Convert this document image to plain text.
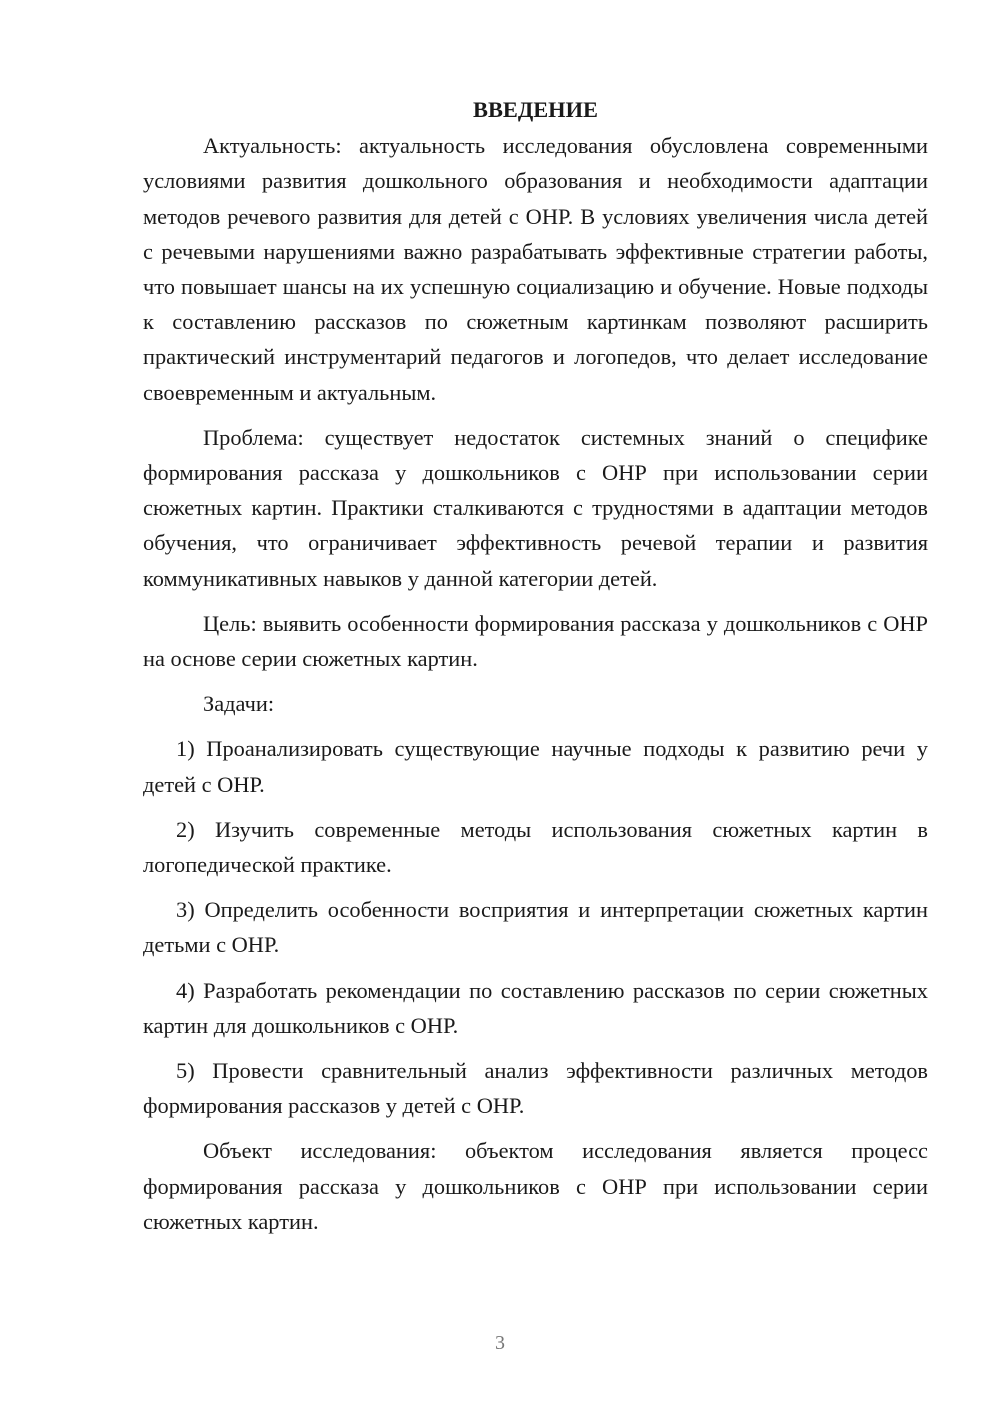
ВВЕДЕНИЕ

Актуальность: актуальность исследования обусловлена современными условиями развития дошкольного образования и необходимости адаптации методов речевого развития для детей с ОНР. В условиях увеличения числа детей с речевыми нарушениями важно разрабатывать эффективные стратегии работы, что повышает шансы на их успешную социализацию и обучение. Новые подходы к составлению рассказов по сюжетным картинкам позволяют расширить практический инструментарий педагогов и логопедов, что делает исследование своевременным и актуальным.

Проблема: существует недостаток системных знаний о специфике формирования рассказа у дошкольников с ОНР при использовании серии сюжетных картин. Практики сталкиваются с трудностями в адаптации методов обучения, что ограничивает эффективность речевой терапии и развития коммуникативных навыков у данной категории детей.

Цель: выявить особенности формирования рассказа у дошкольников с ОНР на основе серии сюжетных картин.

Задачи:

1) Проанализировать существующие научные подходы к развитию речи у детей с ОНР.

2) Изучить современные методы использования сюжетных картин в логопедической практике.

3) Определить особенности восприятия и интерпретации сюжетных картин детьми с ОНР.

4) Разработать рекомендации по составлению рассказов по серии сюжетных картин для дошкольников с ОНР.

5) Провести сравнительный анализ эффективности различных методов формирования рассказов у детей с ОНР.

Объект исследования: объектом исследования является процесс формирования рассказа у дошкольников с ОНР при использовании серии сюжетных картин.

3
